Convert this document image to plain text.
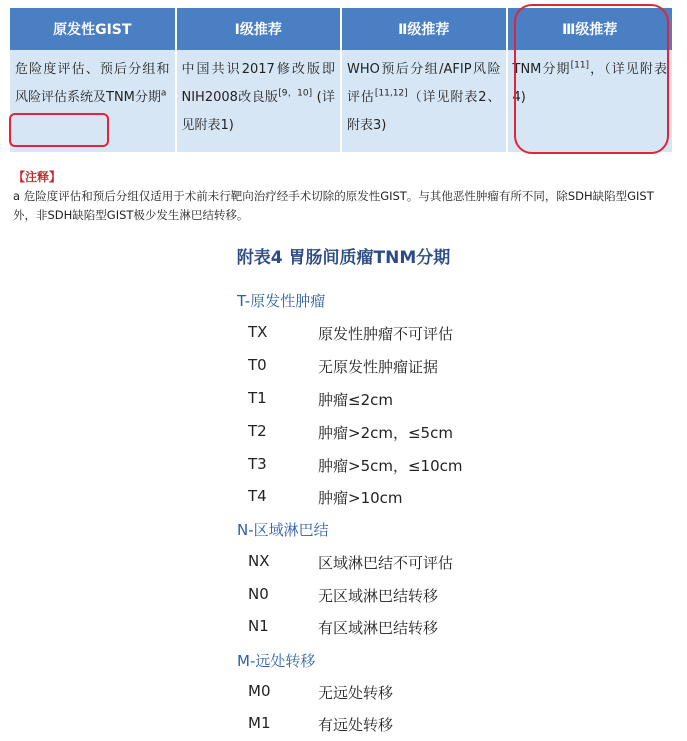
原发性GIST	Ⅰ级推荐	Ⅱ级推荐	Ⅲ级推荐
危险度评估、预后分组和风险评估系统及TNM分期$^a$	中国共识2017修改版即NIH2008改良版[9，10] (详见附表1)	WHO预后分组/AFIP风险评估[11,12]（详见附表2、附表3)	TNM分期[11]，（详见附表4)
【注释】
a 危险度评估和预后分组仅适用于术前未行靶向治疗经手术切除的原发性GIST。与其他恶性肿瘤有所不同，除SDH缺陷型GIST外，非SDH缺陷型GIST极少发生淋巴结转移。
附表4 胃肠间质瘤TNM分期
T-原发性肿瘤
TX	原发性肿瘤不可评估
T0	无原发性肿瘤证据
T1	肿瘤≤2cm
T2	肿瘤>2cm，≤5cm
T3	肿瘤>5cm，≤10cm
T4	肿瘤>10cm
N-区域淋巴结
NX	区域淋巴结不可评估
N0	无区域淋巴结转移
N1	有区域淋巴结转移
M-远处转移
M0	无远处转移
M1	有远处转移
